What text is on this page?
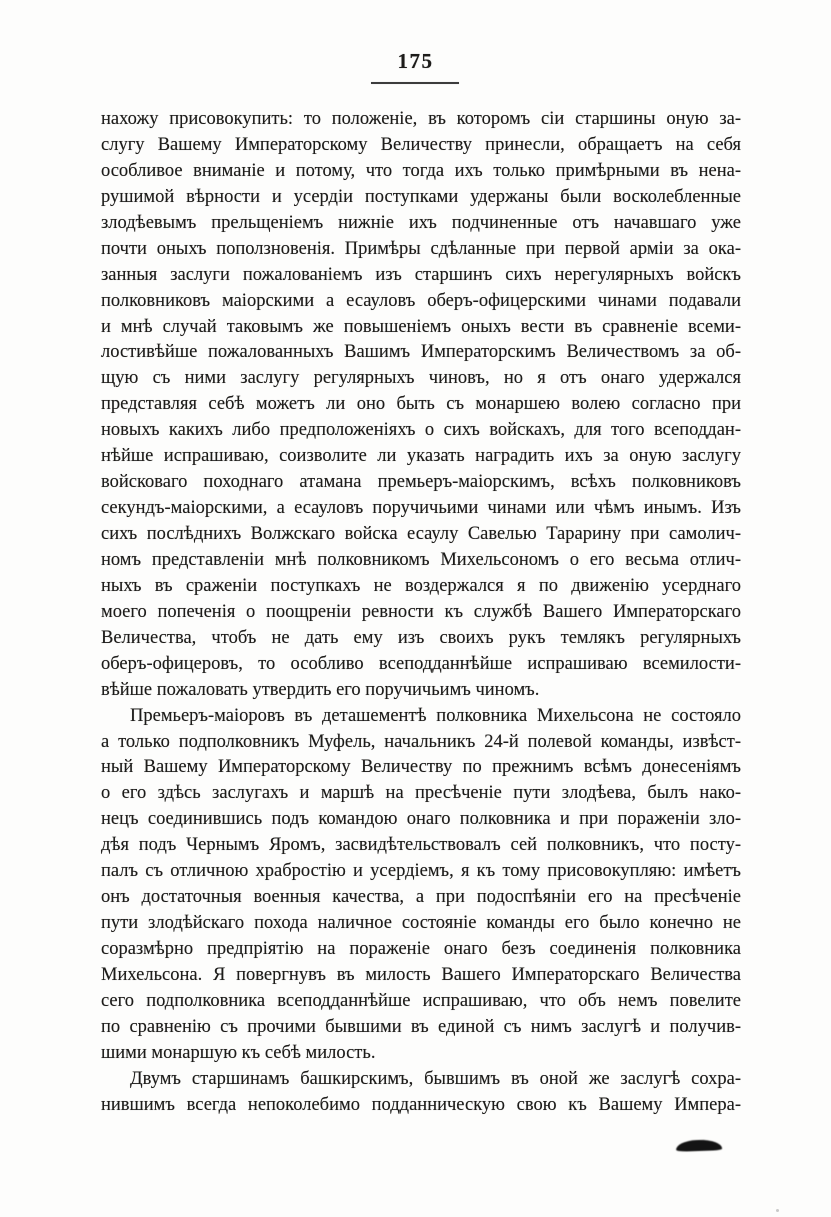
175
нахожу присовокупить: то положеніе, въ которомъ сіи старшины оную за-
слугу Вашему Императорскому Величеству принесли, обращаетъ на себя
особливое вниманіе и потому, что тогда ихъ только примѣрными въ нена-
рушимой вѣрности и усердіи поступками удержаны были восколебленные
злодѣевымъ прельщеніемъ нижніе ихъ подчиненные отъ начавшаго уже
почти оныхъ поползновенія. Примѣры сдѣланные при первой арміи за ока-
занныя заслуги пожалованіемъ изъ старшинъ сихъ нерегулярныхъ войскъ
полковниковъ маіорскими а есауловъ оберъ-офицерскими чинами подавали
и мнѣ случай таковымъ же повышеніемъ оныхъ вести въ сравненіе всеми-
лостивѣйше пожалованныхъ Вашимъ Императорскимъ Величествомъ за об-
щую съ ними заслугу регулярныхъ чиновъ, но я отъ онаго удержался
представляя себѣ можетъ ли оно быть съ монаршею волею согласно при
новыхъ какихъ либо предположеніяхъ о сихъ войскахъ, для того всеподдан-
нѣйше испрашиваю, соизволите ли указать наградить ихъ за оную заслугу
войсковаго походнаго атамана премьеръ-маіорскимъ, всѣхъ полковниковъ
секундъ-маіорскими, а есауловъ поручичьими чинами или чѣмъ инымъ. Изъ
сихъ послѣднихъ Волжскаго войска есаулу Савелью Тарарину при самолич-
номъ представленіи мнѣ полковникомъ Михельсономъ о его весьма отлич-
ныхъ въ сраженіи поступкахъ не воздержался я по движенію усерднаго
моего попеченія о поощреніи ревности къ службѣ Вашего Императорскаго
Величества, чтобъ не дать ему изъ своихъ рукъ темлякъ регулярныхъ
оберъ-офицеровъ, то особливо всеподданнѣйше испрашиваю всемилости-
вѣйше пожаловать утвердить его поручичьимъ чиномъ.
Премьеръ-маіоровъ въ деташементѣ полковника Михельсона не состояло
а только подполковникъ Муфель, начальникъ 24-й полевой команды, извѣст-
ный Вашему Императорскому Величеству по прежнимъ всѣмъ донесеніямъ
о его здѣсь заслугахъ и маршѣ на пресѣченіе пути злодѣева, былъ нако-
нецъ соединившись подъ командою онаго полковника и при пораженіи зло-
дѣя подъ Чернымъ Яромъ, засвидѣтельствовалъ сей полковникъ, что посту-
палъ съ отличною храбростію и усердіемъ, я къ тому присовокупляю: имѣетъ
онъ достаточныя военныя качества, а при подоспѣяніи его на пресѣченіе
пути злодѣйскаго похода наличное состояніе команды его было конечно не
соразмѣрно предпріятію на пораженіе онаго безъ соединенія полковника
Михельсона. Я повергнувъ въ милость Вашего Императорскаго Величества
сего подполковника всеподданнѣйше испрашиваю, что объ немъ повелите
по сравненію съ прочими бывшими въ единой съ нимъ заслугѣ и получив-
шими монаршую къ себѣ милость.
Двумъ старшинамъ башкирскимъ, бывшимъ въ оной же заслугѣ сохра-
нившимъ всегда непоколебимо подданническую свою къ Вашему Импера-
